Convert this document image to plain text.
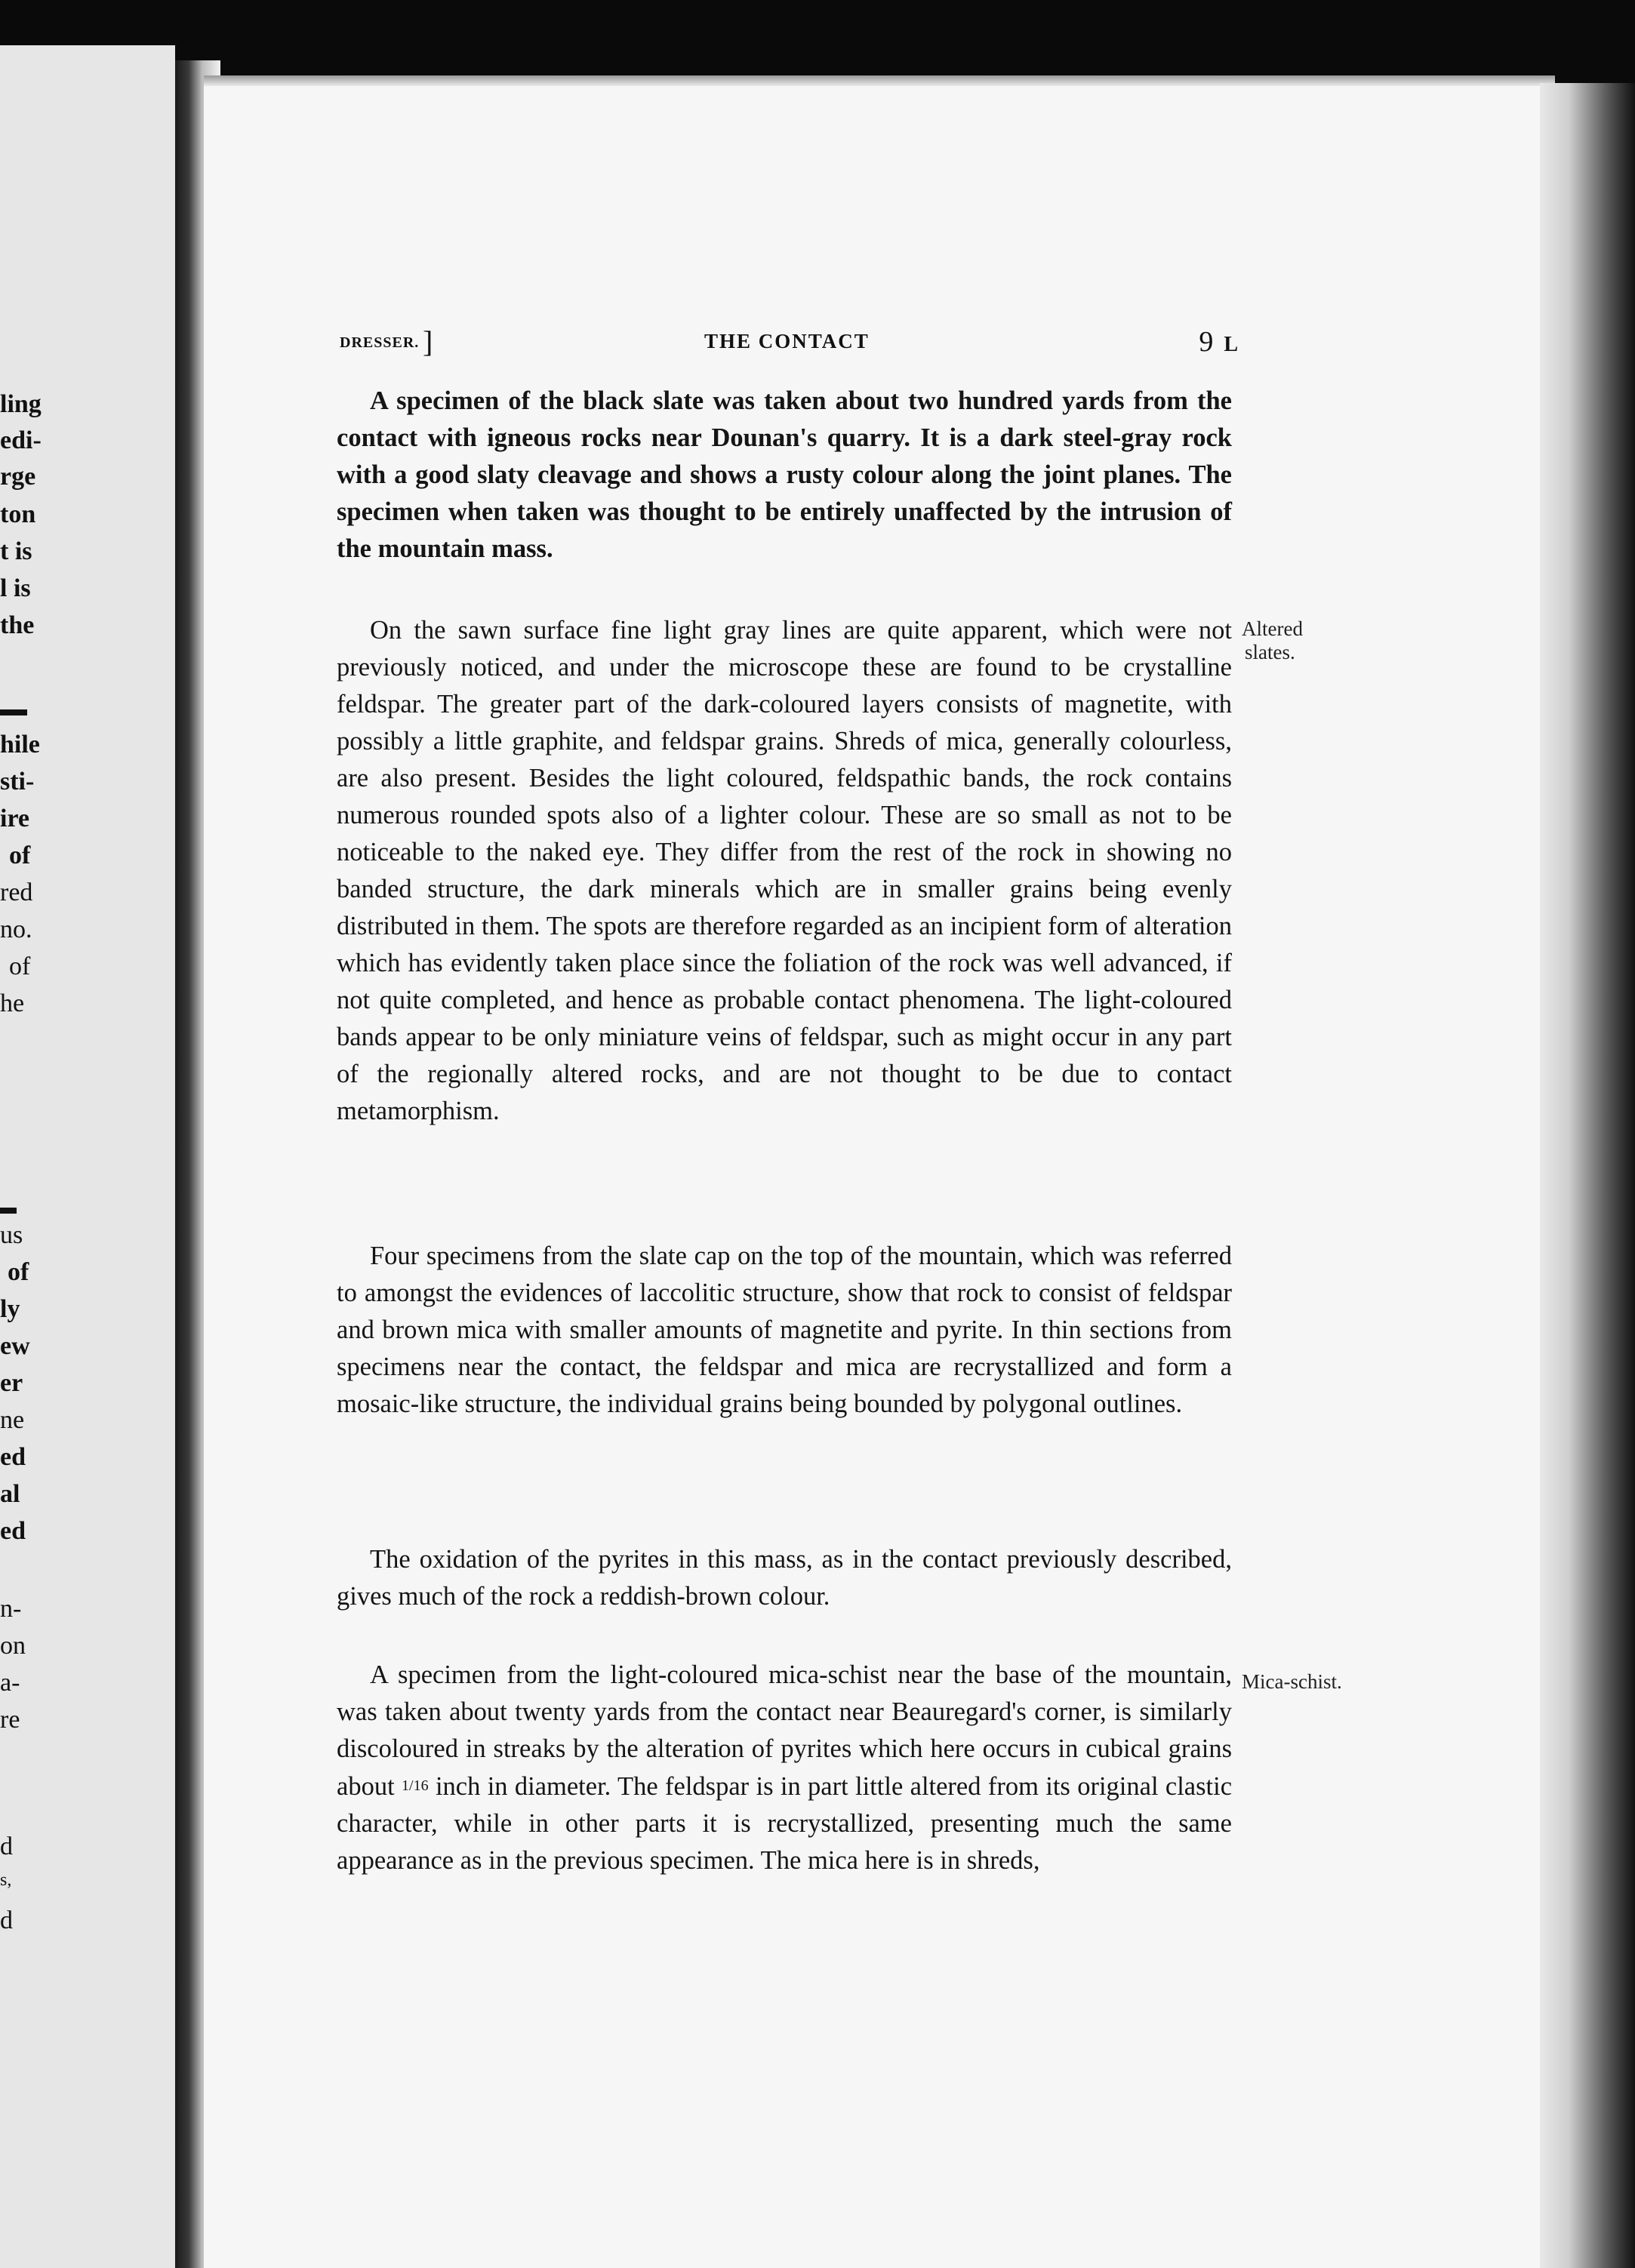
ling
edi-
rge
ton
t is
l is
the
hile
sti-
ire
of
red
no.
of
he
us
of
ly
ew
er
ne
ed
al
ed
n-
on
a-
re
d
s,
d
DRESSER. ]	THE CONTACT	9 L

A specimen of the black slate was taken about two hundred yards from the contact with igneous rocks near Dounan's quarry. It is a dark steel-gray rock with a good slaty cleavage and shows a rusty colour along the joint planes. The specimen when taken was thought to be entirely unaffected by the intrusion of the mountain mass.

On the sawn surface fine light gray lines are quite apparent, which were not previously noticed, and under the microscope these are found to be crystalline feldspar. The greater part of the dark-coloured layers consists of magnetite, with possibly a little graphite, and feldspar grains. Shreds of mica, generally colourless, are also present. Besides the light coloured, feldspathic bands, the rock contains numerous rounded spots also of a lighter colour. These are so small as not to be noticeable to the naked eye. They differ from the rest of the rock in showing no banded structure, the dark minerals which are in smaller grains being evenly distributed in them. The spots are therefore regarded as an incipient form of alteration which has evidently taken place since the foliation of the rock was well advanced, if not quite completed, and hence as probable contact phenomena. The light-coloured bands appear to be only miniature veins of feldspar, such as might occur in any part of the regionally altered rocks, and are not thought to be due to contact metamorphism.

Four specimens from the slate cap on the top of the mountain, which was referred to amongst the evidences of laccolitic structure, show that rock to consist of feldspar and brown mica with smaller amounts of magnetite and pyrite. In thin sections from specimens near the contact, the feldspar and mica are recrystallized and form a mosaic-like structure, the individual grains being bounded by polygonal outlines.

The oxidation of the pyrites in this mass, as in the contact previously described, gives much of the rock a reddish-brown colour.

A specimen from the light-coloured mica-schist near the base of the mountain, was taken about twenty yards from the contact near Beauregard's corner, is similarly discoloured in streaks by the alteration of pyrites which here occurs in cubical grains about 1/16 inch in diameter. The feldspar is in part little altered from its original clastic character, while in other parts it is recrystallized, presenting much the same appearance as in the previous specimen. The mica here is in shreds,

Altered
slates.
Mica-schist.
